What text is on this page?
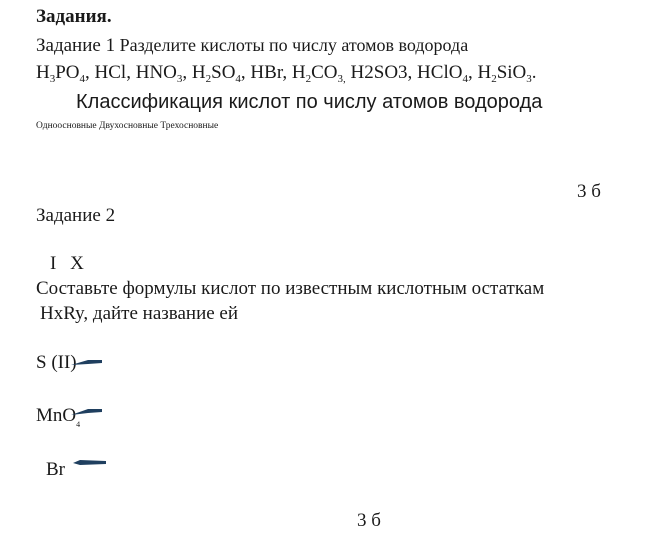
Задания.
Задание 1 Разделите кислоты по числу атомов водорода
$H_3PO_4$, HCl, $HNO_3$, $H_2SO_4$, HBr, $H_2CO_{3,}$ H2SO3, HClO$_4$, $H_2SiO_3$.
Классификация кислот по числу атомов водорода
Одноосновные Двухосновные Трехосновные
3 б
Задание 2
I X
Составьте формулы кислот по известным кислотным остаткам
HxRy, дайте название ей
S (II)
MnO$_4$
Br
3 б
